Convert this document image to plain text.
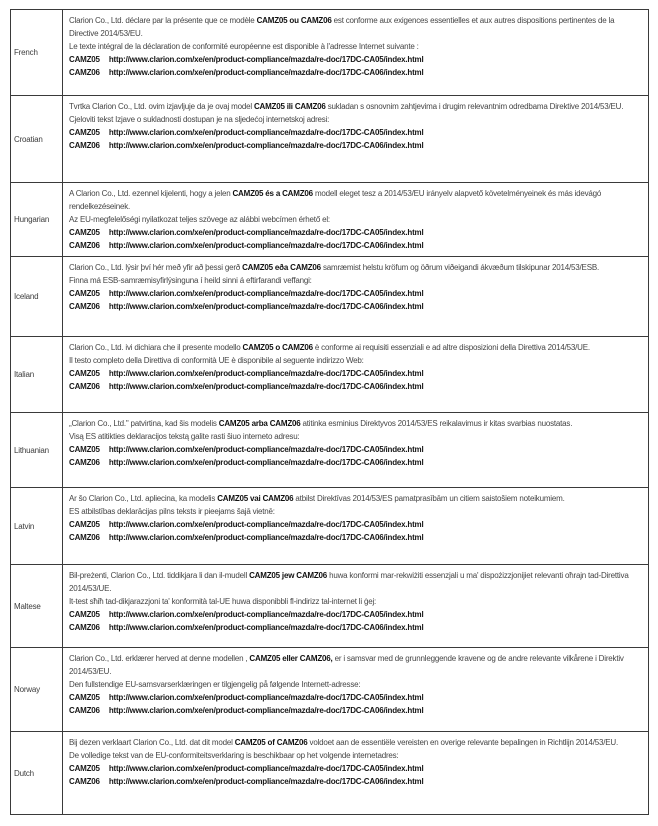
French

Clarion Co., Ltd. déclare par la présente que ce modèle CAMZ05 ou CAMZ06 est conforme aux exigences essentielles et aux autres dispositions pertinentes de la Directive 2014/53/EU.

Le texte intégral de la déclaration de conformité européenne est disponible à l'adresse Internet suivante :

CAMZ05 http://www.clarion.com/xe/en/product-compliance/mazda/re-doc/17DC-CA05/index.html

CAMZ06 http://www.clarion.com/xe/en/product-compliance/mazda/re-doc/17DC-CA06/index.html

Croatian

Tvrtka Clarion Co., Ltd. ovim izjavljuje da je ovaj model CAMZ05 ili CAMZ06 sukladan s osnovnim zahtjevima i drugim relevantnim odredbama Direktive 2014/53/EU.

Cjeloviti tekst Izjave o sukladnosti dostupan je na sljedećoj internetskoj adresi:

CAMZ05 http://www.clarion.com/xe/en/product-compliance/mazda/re-doc/17DC-CA05/index.html

CAMZ06 http://www.clarion.com/xe/en/product-compliance/mazda/re-doc/17DC-CA06/index.html

Hungarian

A Clarion Co., Ltd. ezennel kijelenti, hogy a jelen CAMZ05 és a CAMZ06 modell eleget tesz a 2014/53/EU irányelv alapvető követelményeinek és más idevágó rendelkezéseinek.

Az EU-megfelelőségi nyilatkozat teljes szövege az alábbi webcímen érhető el:

CAMZ05 http://www.clarion.com/xe/en/product-compliance/mazda/re-doc/17DC-CA05/index.html

CAMZ06 http://www.clarion.com/xe/en/product-compliance/mazda/re-doc/17DC-CA06/index.html

Iceland

Clarion Co., Ltd. lýsir því hér með yfir að þessi gerð CAMZ05 eða CAMZ06 samræmist helstu kröfum og öðrum viðeigandi ákvæðum tilskipunar 2014/53/ESB.

Finna má ESB-samræmisyfirlýsinguna í heild sinni á eftirfarandi veffangi:

CAMZ05 http://www.clarion.com/xe/en/product-compliance/mazda/re-doc/17DC-CA05/index.html

CAMZ06 http://www.clarion.com/xe/en/product-compliance/mazda/re-doc/17DC-CA06/index.html

Italian

Clarion Co., Ltd. ivi dichiara che il presente modello CAMZ05 o CAMZ06 è conforme ai requisiti essenziali e ad altre disposizioni della Direttiva 2014/53/UE.

Il testo completo della Direttiva di conformità UE è disponibile al seguente indirizzo Web:

CAMZ05 http://www.clarion.com/xe/en/product-compliance/mazda/re-doc/17DC-CA05/index.html

CAMZ06 http://www.clarion.com/xe/en/product-compliance/mazda/re-doc/17DC-CA06/index.html

Lithuanian

„Clarion Co., Ltd." patvirtina, kad šis modelis CAMZ05 arba CAMZ06 atitinka esminius Direktyvos 2014/53/ES reikalavimus ir kitas svarbias nuostatas.

Visą ES atitikties deklaracijos tekstą galite rasti šiuo interneto adresu:

CAMZ05 http://www.clarion.com/xe/en/product-compliance/mazda/re-doc/17DC-CA05/index.html

CAMZ06 http://www.clarion.com/xe/en/product-compliance/mazda/re-doc/17DC-CA06/index.html

Latvin

Ar šo Clarion Co., Ltd. apliecina, ka modelis CAMZ05 vai CAMZ06 atbilst Direktīvas 2014/53/ES pamatprasībām un citiem saistošiem noteikumiem.

ES atbilstības deklarācijas pilns teksts ir pieejams šajā vietnē:

CAMZ05 http://www.clarion.com/xe/en/product-compliance/mazda/re-doc/17DC-CA05/index.html

CAMZ06 http://www.clarion.com/xe/en/product-compliance/mazda/re-doc/17DC-CA06/index.html

Maltese

Bil-preżenti, Clarion Co., Ltd. tiddikjara li dan il-mudell CAMZ05 jew CAMZ06 huwa konformi mar-rekwiżiti essenzjali u ma' dispożizzjonijiet relevanti oħrajn tad-Direttiva 2014/53/UE.

It-test sħiħ tad-dikjarazzjoni ta' konformità tal-UE huwa disponibbli fl-indirizz tal-internet li ġej:

CAMZ05 http://www.clarion.com/xe/en/product-compliance/mazda/re-doc/17DC-CA05/index.html

CAMZ06 http://www.clarion.com/xe/en/product-compliance/mazda/re-doc/17DC-CA06/index.html

Norway

Clarion Co., Ltd. erklærer herved at denne modellen , CAMZ05 eller CAMZ06, er i samsvar med de grunnleggende kravene og de andre relevante vilkårene i Direktiv 2014/53/EU.

Den fullstendige EU-samsvarserklæringen er tilgjengelig på følgende Internett-adresse:

CAMZ05 http://www.clarion.com/xe/en/product-compliance/mazda/re-doc/17DC-CA05/index.html

CAMZ06 http://www.clarion.com/xe/en/product-compliance/mazda/re-doc/17DC-CA06/index.html

Dutch

Bij dezen verklaart Clarion Co., Ltd. dat dit model CAMZ05 of CAMZ06 voldoet aan de essentiële vereisten en overige relevante bepalingen in Richtlijn 2014/53/EU.

De volledige tekst van de EU-conformiteitsverklaring is beschikbaar op het volgende internetadres:

CAMZ05 http://www.clarion.com/xe/en/product-compliance/mazda/re-doc/17DC-CA05/index.html

CAMZ06 http://www.clarion.com/xe/en/product-compliance/mazda/re-doc/17DC-CA06/index.html
